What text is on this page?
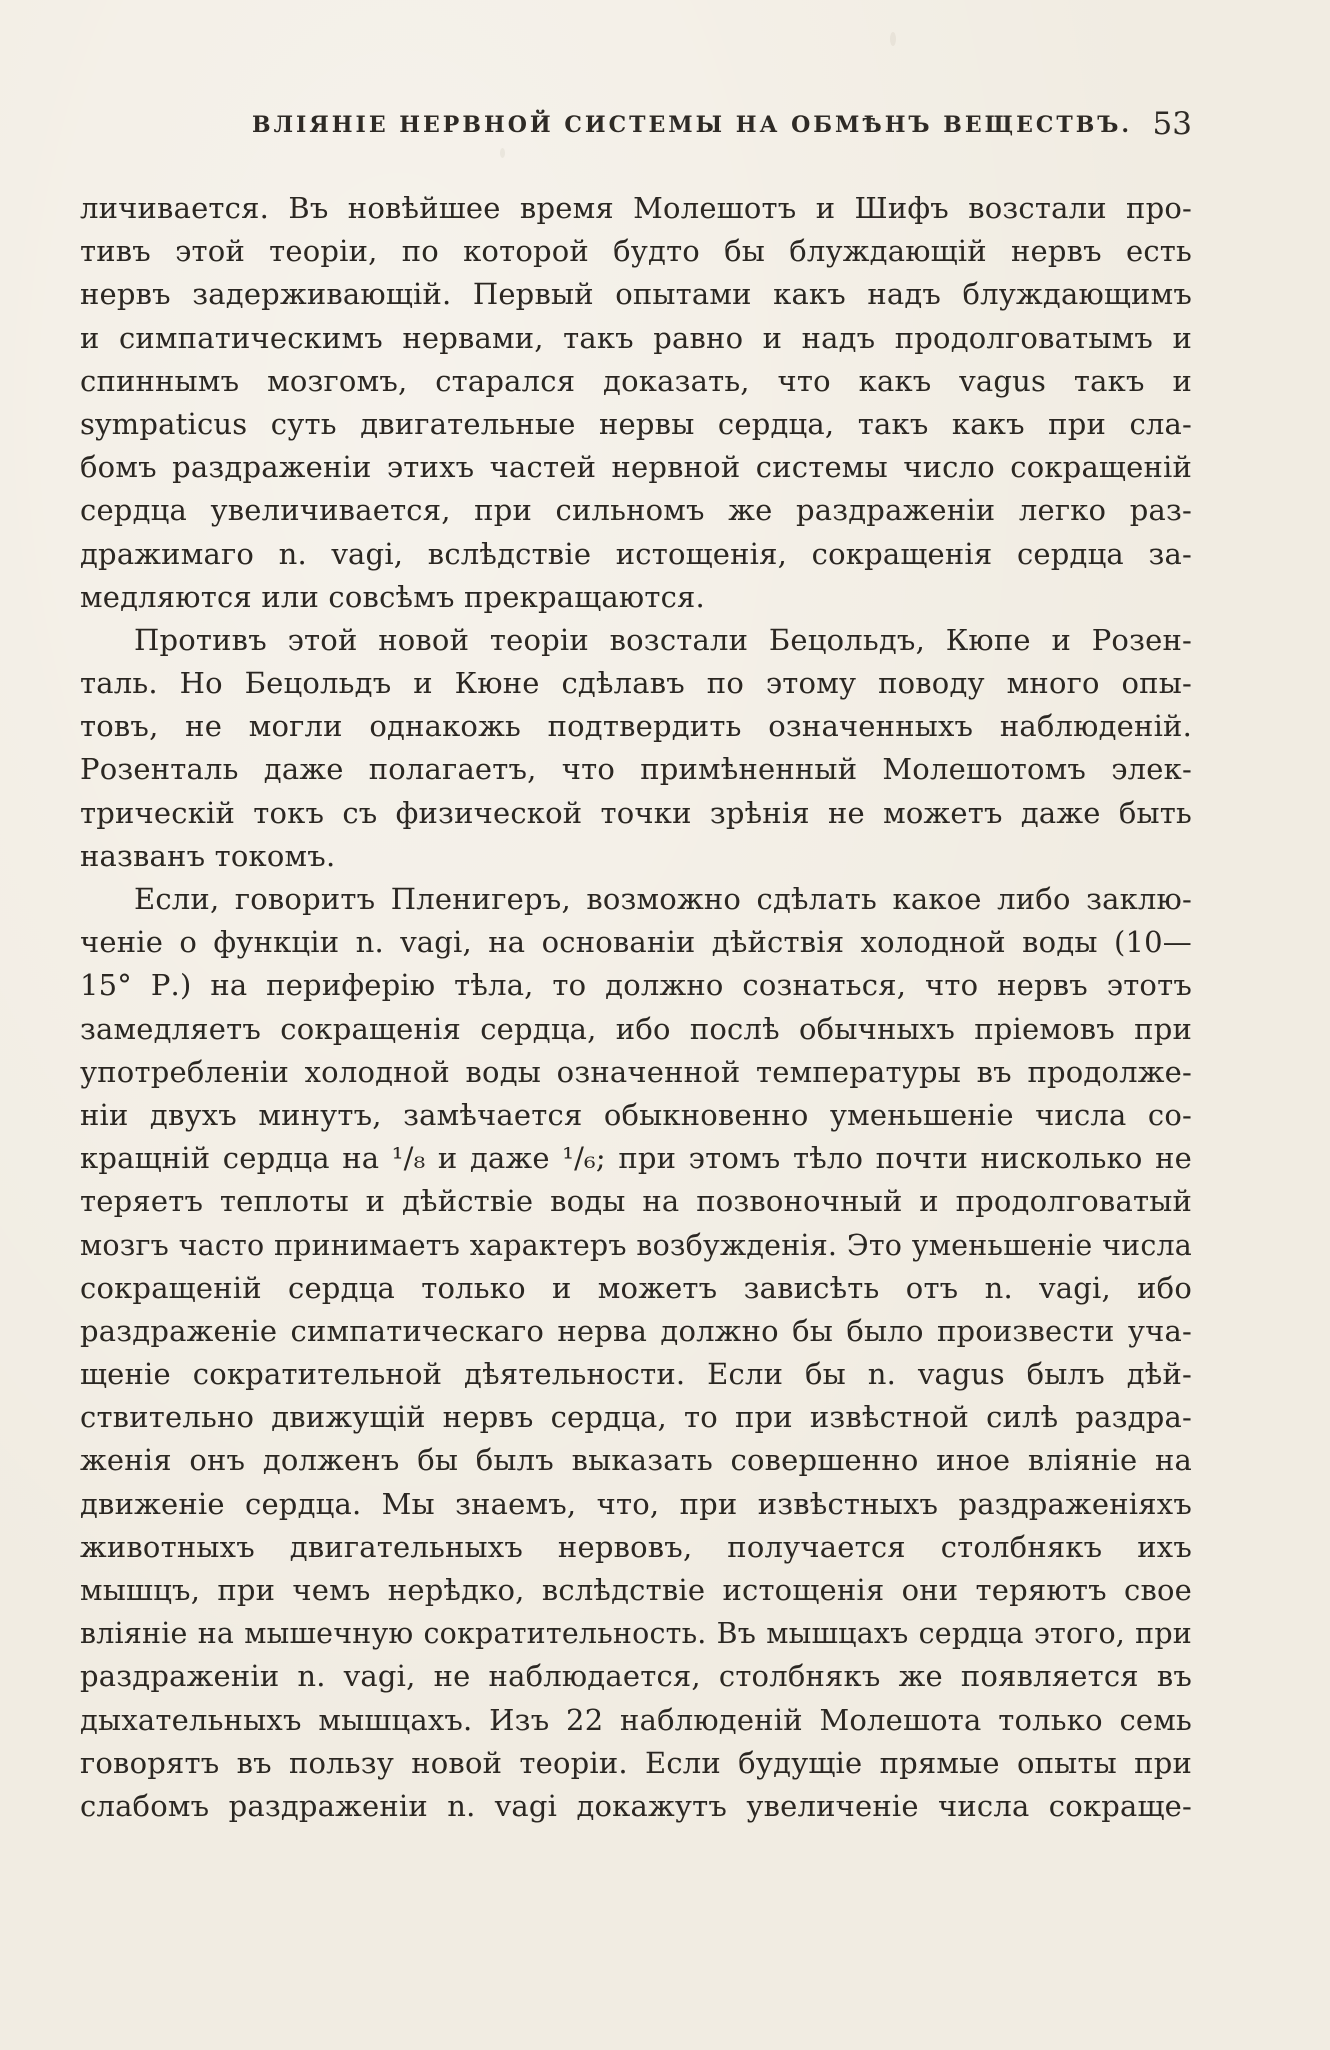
ВЛІЯНІЕ НЕРВНОЙ СИСТЕМЫ НА ОБМѢНЪ ВЕЩЕСТВЪ. 53
личивается. Въ новѣйшее время Молешотъ и Шифъ возстали про-
тивъ этой теоріи, по которой будто бы блуждающій нервъ есть
нервъ задерживающій. Первый опытами какъ надъ блуждающимъ
и симпатическимъ нервами, такъ равно и надъ продолговатымъ и
спиннымъ мозгомъ, старался доказать, что какъ vagus такъ и
sympaticus суть двигательные нервы сердца, такъ какъ при сла-
бомъ раздраженіи этихъ частей нервной системы число сокращеній
сердца увеличивается, при сильномъ же раздраженіи легко раз-
дражимаго n. vagi, вслѣдствіе истощенія, сокращенія сердца за-
медляются или совсѣмъ прекращаются.
Противъ этой новой теоріи возстали Бецольдъ, Кюпе и Розен-
таль. Но Бецольдъ и Кюне сдѣлавъ по этому поводу много опы-
товъ, не могли однакожь подтвердить означенныхъ наблюденій.
Розенталь даже полагаетъ, что примѣненный Молешотомъ элек-
трическій токъ съ физической точки зрѣнія не можетъ даже быть
названъ токомъ.
Если, говоритъ Пленигеръ, возможно сдѣлать какое либо заклю-
ченіе о функціи n. vagi, на основаніи дѣйствія холодной воды (10—
15° Р.) на периферію тѣла, то должно сознаться, что нервъ этотъ
замедляетъ сокращенія сердца, ибо послѣ обычныхъ пріемовъ при
употребленіи холодной воды означенной температуры въ продолже-
ніи двухъ минутъ, замѣчается обыкновенно уменьшеніе числа со-
кращній сердца на ¹/₈ и даже ¹/₆; при этомъ тѣло почти нисколько не
теряетъ теплоты и дѣйствіе воды на позвоночный и продолговатый
мозгъ часто принимаетъ характеръ возбужденія. Это уменьшеніе числа
сокращеній сердца только и можетъ зависѣть отъ n. vagi, ибо
раздраженіе симпатическаго нерва должно бы было произвести уча-
щеніе сократительной дѣятельности. Если бы n. vagus былъ дѣй-
ствительно движущій нервъ сердца, то при извѣстной силѣ раздра-
женія онъ долженъ бы былъ выказать совершенно иное вліяніе на
движеніе сердца. Мы знаемъ, что, при извѣстныхъ раздраженіяхъ
животныхъ двигательныхъ нервовъ, получается столбнякъ ихъ
мышцъ, при чемъ нерѣдко, вслѣдствіе истощенія они теряютъ свое
вліяніе на мышечную сократительность. Въ мышцахъ сердца этого, при
раздраженіи n. vagi, не наблюдается, столбнякъ же появляется въ
дыхательныхъ мышцахъ. Изъ 22 наблюденій Молешота только семь
говорятъ въ пользу новой теоріи. Если будущіе прямые опыты при
слабомъ раздраженіи n. vagi докажутъ увеличеніе числа сокраще-
